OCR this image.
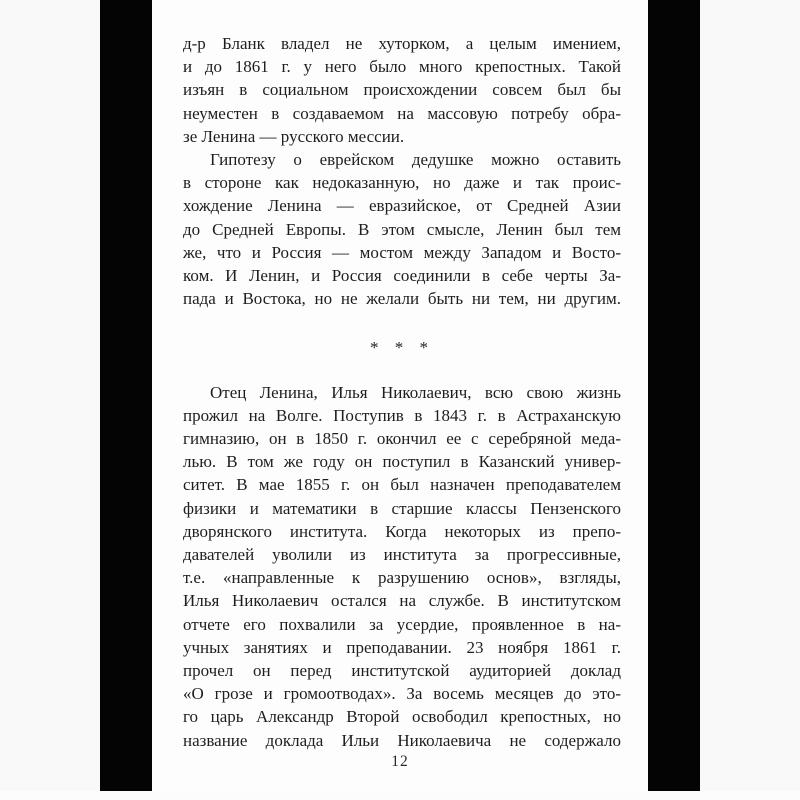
д-р Бланк владел не хуторком, а целым имением,
и до 1861 г. у него было много крепостных. Такой
изъян в социальном происхождении совсем был бы
неуместен в создаваемом на массовую потребу обра-
зе Ленина — русского мессии.
Гипотезу о еврейском дедушке можно оставить
в стороне как недоказанную, но даже и так проис-
хождение Ленина — евразийское, от Средней Азии
до Средней Европы. В этом смысле, Ленин был тем
же, что и Россия — мостом между Западом и Восто-
ком. И Ленин, и Россия соединили в себе черты За-
пада и Востока, но не желали быть ни тем, ни другим.
* * *
Отец Ленина, Илья Николаевич, всю свою жизнь
прожил на Волге. Поступив в 1843 г. в Астраханскую
гимназию, он в 1850 г. окончил ее с серебряной меда-
лью. В том же году он поступил в Казанский универ-
ситет. В мае 1855 г. он был назначен преподавателем
физики и математики в старшие классы Пензенского
дворянского института. Когда некоторых из препо-
давателей уволили из института за прогрессивные,
т.е. «направленные к разрушению основ», взгляды,
Илья Николаевич остался на службе. В институтском
отчете его похвалили за усердие, проявленное в на-
учных занятиях и преподавании. 23 ноября 1861 г.
прочел он перед институтской аудиторией доклад
«О грозе и громоотводах». За восемь месяцев до это-
го царь Александр Второй освободил крепостных, но
название доклада Ильи Николаевича не содержало
12
